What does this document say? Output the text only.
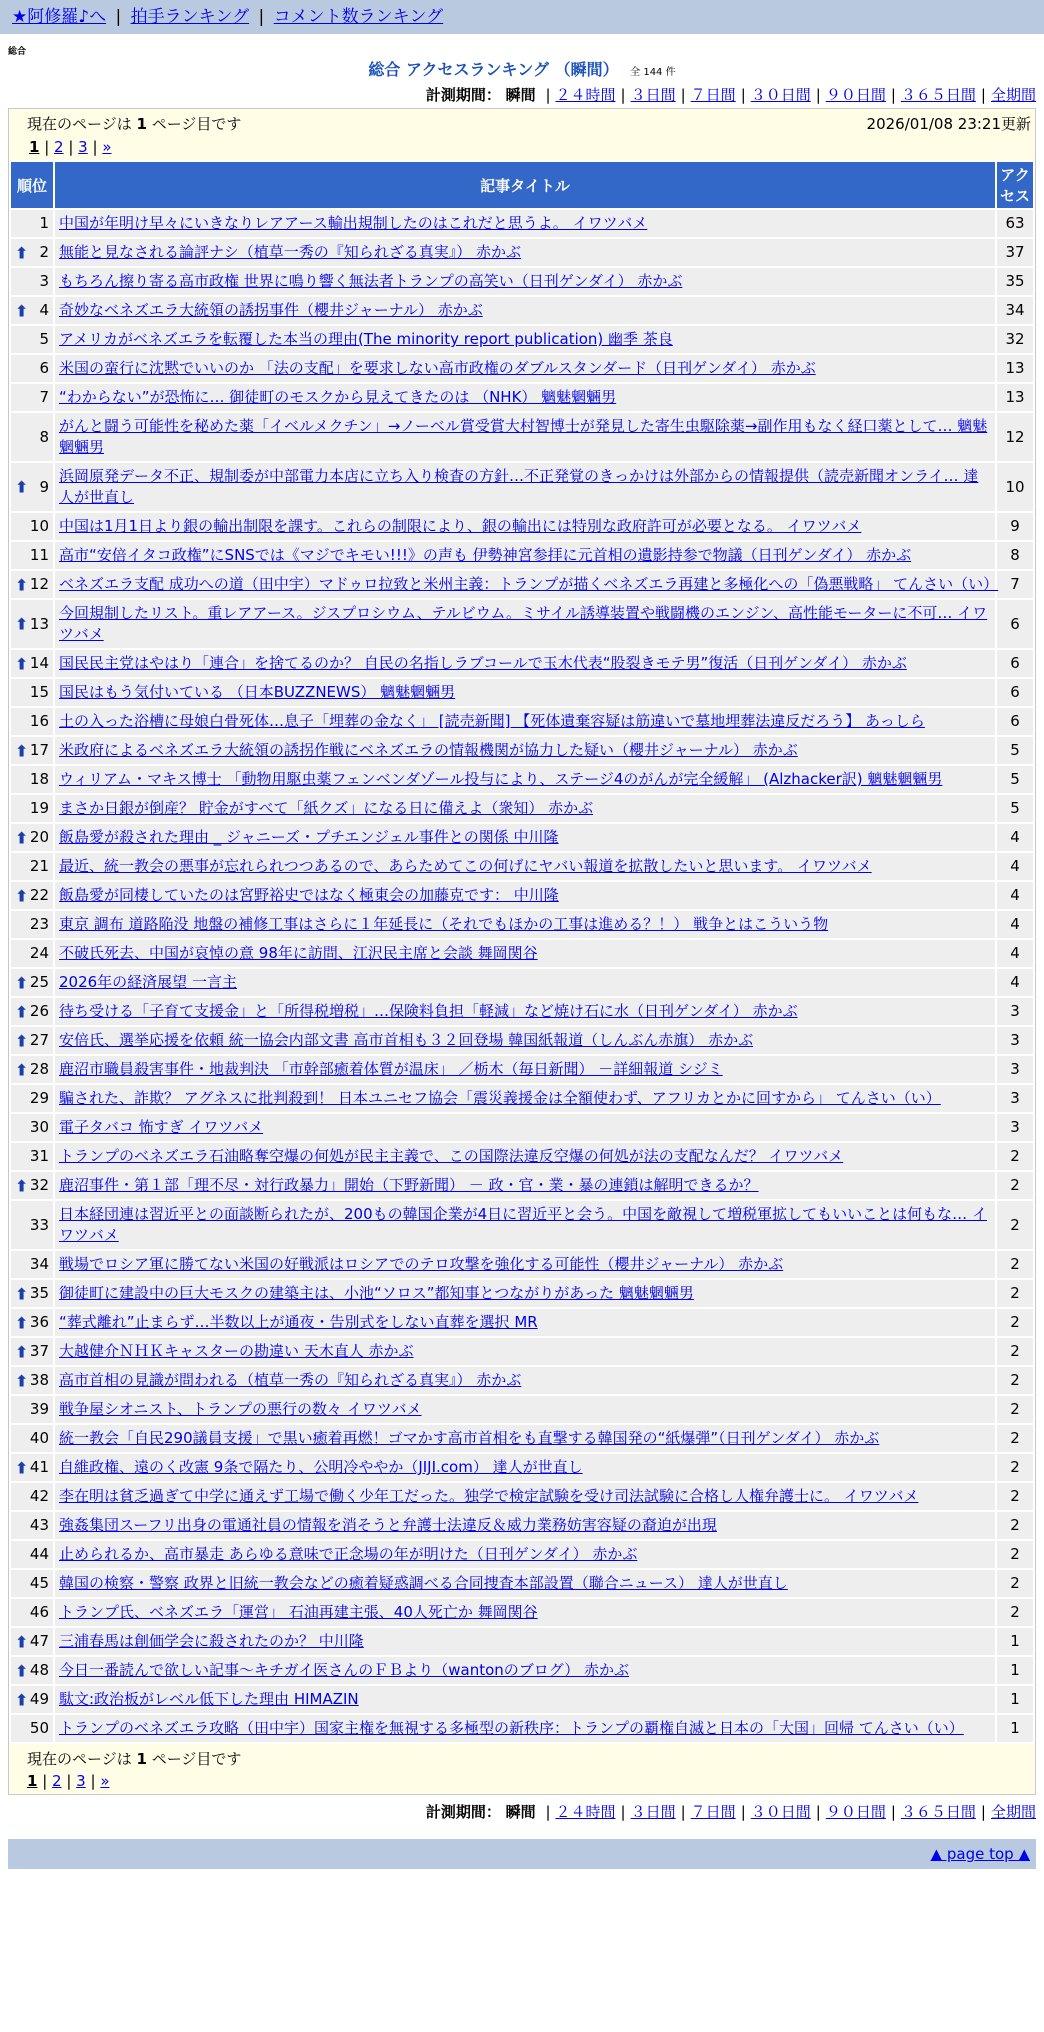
★阿修羅♪へ | 拍手ランキング | コメント数ランキング
総合
総合 アクセスランキング （瞬間） 全 144 件
計測期間： 瞬間 | ２４時間 | ３日間 | ７日間 | ３０日間 | ９０日間 | ３６５日間 | 全期間
現在のページは 1 ページ目です	2026/01/08 23:21更新
1 | 2 | 3 | »
順位	記事タイトル	アクセス
1	中国が年明け早々にいきなりレアアース輸出規制したのはこれだと思うよ。 イワツバメ	63

⬆ 2	無能と見なされる論評ナシ（植草一秀の『知られざる真実』） 赤かぶ	37
3	もちろん擦り寄る高市政権 世界に鳴り響く無法者トランプの高笑い（日刊ゲンダイ） 赤かぶ	35

⬆ 4	奇妙なベネズエラ大統領の誘拐事件（櫻井ジャーナル） 赤かぶ	34
5	アメリカがベネズエラを転覆した本当の理由(The minority report publication) 幽季 茶良	32
6	米国の蛮行に沈黙でいいのか 「法の支配」を要求しない高市政権のダブルスタンダード（日刊ゲンダイ） 赤かぶ	13
7	“わからない”が恐怖に… 御徒町のモスクから見えてきたのは （NHK） 魑魅魍魎男	13
8	がんと闘う可能性を秘めた薬「イベルメクチン」→ノーベル賞受賞大村智博士が発見した寄生虫駆除薬→副作用もなく経口薬として… 魑魅魍魎男	12

⬆ 9	浜岡原発データ不正、規制委が中部電力本店に立ち入り検査の方針…不正発覚のきっかけは外部からの情報提供（読売新聞オンライ… 達人が世直し	10
10	中国は1月1日より銀の輸出制限を課す。これらの制限により、銀の輸出には特別な政府許可が必要となる。 イワツバメ	9
11	高市“安倍イタコ政権”にSNSでは《マジでキモい!!!》の声も 伊勢神宮参拝に元首相の遺影持参で物議（日刊ゲンダイ） 赤かぶ	8

⬆ 12	ベネズエラ支配 成功への道（田中宇）マドゥロ拉致と米州主義：トランプが描くベネズエラ再建と多極化への「偽悪戦略」 てんさい（い）	7

⬆ 13	今回規制したリスト。重レアアース。ジスプロシウム、テルビウム。ミサイル誘導装置や戦闘機のエンジン、高性能モーターに不可… イワツバメ	6

⬆ 14	国民民主党はやはり「連合」を捨てるのか？ 自民の名指しラブコールで玉木代表“股裂きモテ男”復活（日刊ゲンダイ） 赤かぶ	6
15	国民はもう気付いている （日本BUZZNEWS） 魑魅魍魎男	6
16	土の入った浴槽に母娘白骨死体…息子「埋葬の金なく」 [読売新聞] 【死体遺棄容疑は筋違いで墓地埋葬法違反だろう】 あっしら	6

⬆ 17	米政府によるベネズエラ大統領の誘拐作戦にベネズエラの情報機関が協力した疑い（櫻井ジャーナル） 赤かぶ	5
18	ウィリアム・マキス博士 「動物用駆虫薬フェンベンダゾール投与により、ステージ4のがんが完全緩解」 (Alzhacker訳) 魑魅魍魎男	5
19	まさか日銀が倒産？ 貯金がすべて「紙クズ」になる日に備えよ（衆知） 赤かぶ	5

⬆ 20	飯島愛が殺された理由 _ ジャニーズ・プチエンジェル事件との関係 中川隆	4
21	最近、統一教会の悪事が忘れられつつあるので、あらためてこの何げにヤバい報道を拡散したいと思います。 イワツバメ	4

⬆ 22	飯島愛が同棲していたのは宮野裕史ではなく極東会の加藤克です： 中川隆	4
23	東京 調布 道路陥没 地盤の補修工事はさらに１年延長に（それでもほかの工事は進める？！） 戦争とはこういう物	4
24	不破氏死去、中国が哀悼の意 98年に訪問、江沢民主席と会談 舞岡関谷	4

⬆ 25	2026年の経済展望 一言主	4

⬆ 26	待ち受ける「子育て支援金」と「所得税増税」…保険料負担「軽減」など焼け石に水（日刊ゲンダイ） 赤かぶ	3

⬆ 27	安倍氏、選挙応援を依頼 統一協会内部文書 高市首相も３２回登場 韓国紙報道（しんぶん赤旗） 赤かぶ	3

⬆ 28	鹿沼市職員殺害事件・地裁判決 「市幹部癒着体質が温床」 ／栃木（毎日新聞） －詳細報道 シジミ	3
29	騙された、詐欺？ アグネスに批判殺到！ 日本ユニセフ協会「震災義援金は全額使わず、アフリカとかに回すから」 てんさい（い）	3
30	電子タバコ 怖すぎ イワツバメ	3
31	トランプのベネズエラ石油略奪空爆の何処が民主主義で、この国際法違反空爆の何処が法の支配なんだ？ イワツバメ	2

⬆ 32	鹿沼事件・第１部「理不尽・対行政暴力」開始（下野新聞） － 政・官・業・暴の連鎖は解明できるか？	2
33	日本経団連は習近平との面談断られたが、200もの韓国企業が4日に習近平と会う。中国を敵視して増税軍拡してもいいことは何もな… イワツバメ	2
34	戦場でロシア軍に勝てない米国の好戦派はロシアでのテロ攻撃を強化する可能性（櫻井ジャーナル） 赤かぶ	2

⬆ 35	御徒町に建設中の巨大モスクの建築主は、小池“ソロス”都知事とつながりがあった 魑魅魍魎男	2

⬆ 36	“葬式離れ”止まらず…半数以上が通夜・告別式をしない直葬を選択 MR	2

⬆ 37	大越健介ＮＨＫキャスターの勘違い 天木直人 赤かぶ	2

⬆ 38	高市首相の見識が問われる（植草一秀の『知られざる真実』） 赤かぶ	2
39	戦争屋シオニスト、トランプの悪行の数々 イワツバメ	2
40	統一教会「自民290議員支援」で黒い癒着再燃！ゴマかす高市首相をも直撃する韓国発の“紙爆弾”（日刊ゲンダイ） 赤かぶ	2

⬆ 41	自維政権、遠のく改憲 9条で隔たり、公明冷ややか（JIJI.com） 達人が世直し	2
42	李在明は貧乏過ぎて中学に通えず工場で働く少年工だった。独学で検定試験を受け司法試験に合格し人権弁護士に。 イワツバメ	2
43	強姦集団スーフリ出身の電通社員の情報を消そうと弁護士法違反＆威力業務妨害容疑の裔迫が出現	2
44	止められるか、高市暴走 あらゆる意味で正念場の年が明けた（日刊ゲンダイ） 赤かぶ	2
45	韓国の検察・警察 政界と旧統一教会などの癒着疑惑調べる合同捜査本部設置（聯合ニュース） 達人が世直し	2
46	トランプ氏、ベネズエラ「運営」 石油再建主張、40人死亡か 舞岡関谷	2

⬆ 47	三浦春馬は創価学会に殺されたのか？ 中川隆	1

⬆ 48	今日一番読んで欲しい記事～キチガイ医さんのＦＢより（wantonのブログ） 赤かぶ	1

⬆ 49	駄文:政治板がレベル低下した理由 HIMAZIN	1
50	トランプのベネズエラ攻略（田中宇）国家主権を無視する多極型の新秩序：トランプの覇権自滅と日本の「大国」回帰 てんさい（い）	1
現在のページは 1 ページ目です
1 | 2 | 3 | »
計測期間： 瞬間 | ２４時間 | ３日間 | ７日間 | ３０日間 | ９０日間 | ３６５日間 | 全期間
▲ page top ▲
